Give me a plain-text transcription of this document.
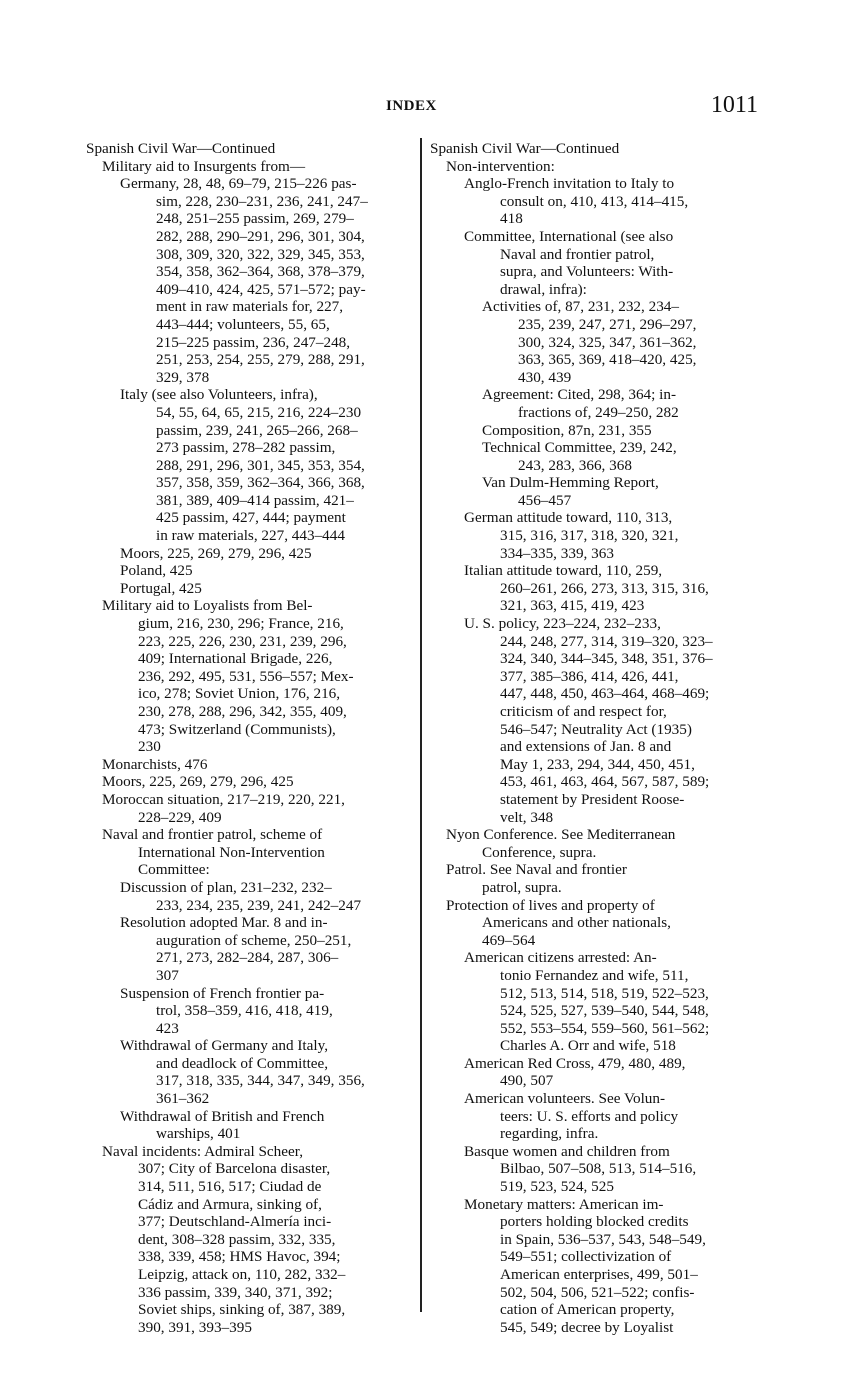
INDEX	1011
Spanish Civil War—Continued
Military aid to Insurgents from—
Germany, 28, 48, 69–79, 215–226 pas-
sim, 228, 230–231, 236, 241, 247–
248, 251–255 passim, 269, 279–
282, 288, 290–291, 296, 301, 304,
308, 309, 320, 322, 329, 345, 353,
354, 358, 362–364, 368, 378–379,
409–410, 424, 425, 571–572; pay-
ment in raw materials for, 227,
443–444; volunteers, 55, 65,
215–225 passim, 236, 247–248,
251, 253, 254, 255, 279, 288, 291,
329, 378
Italy (see also Volunteers, infra),
54, 55, 64, 65, 215, 216, 224–230
passim, 239, 241, 265–266, 268–
273 passim, 278–282 passim,
288, 291, 296, 301, 345, 353, 354,
357, 358, 359, 362–364, 366, 368,
381, 389, 409–414 passim, 421–
425 passim, 427, 444; payment
in raw materials, 227, 443–444
Moors, 225, 269, 279, 296, 425
Poland, 425
Portugal, 425
Military aid to Loyalists from Bel-
gium, 216, 230, 296; France, 216,
223, 225, 226, 230, 231, 239, 296,
409; International Brigade, 226,
236, 292, 495, 531, 556–557; Mex-
ico, 278; Soviet Union, 176, 216,
230, 278, 288, 296, 342, 355, 409,
473; Switzerland (Communists),
230
Monarchists, 476
Moors, 225, 269, 279, 296, 425
Moroccan situation, 217–219, 220, 221,
228–229, 409
Naval and frontier patrol, scheme of
International Non-Intervention
Committee:
Discussion of plan, 231–232, 232–
233, 234, 235, 239, 241, 242–247
Resolution adopted Mar. 8 and in-
auguration of scheme, 250–251,
271, 273, 282–284, 287, 306–
307
Suspension of French frontier pa-
trol, 358–359, 416, 418, 419,
423
Withdrawal of Germany and Italy,
and deadlock of Committee,
317, 318, 335, 344, 347, 349, 356,
361–362
Withdrawal of British and French
warships, 401
Naval incidents: Admiral Scheer,
307; City of Barcelona disaster,
314, 511, 516, 517; Ciudad de
Cádiz and Armura, sinking of,
377; Deutschland-Almería inci-
dent, 308–328 passim, 332, 335,
338, 339, 458; HMS Havoc, 394;
Leipzig, attack on, 110, 282, 332–
336 passim, 339, 340, 371, 392;
Soviet ships, sinking of, 387, 389,
390, 391, 393–395
Spanish Civil War—Continued
Non-intervention:
Anglo-French invitation to Italy to
consult on, 410, 413, 414–415,
418
Committee, International (see also
Naval and frontier patrol,
supra, and Volunteers: With-
drawal, infra):
Activities of, 87, 231, 232, 234–
235, 239, 247, 271, 296–297,
300, 324, 325, 347, 361–362,
363, 365, 369, 418–420, 425,
430, 439
Agreement: Cited, 298, 364; in-
fractions of, 249–250, 282
Composition, 87n, 231, 355
Technical Committee, 239, 242,
243, 283, 366, 368
Van Dulm-Hemming Report,
456–457
German attitude toward, 110, 313,
315, 316, 317, 318, 320, 321,
334–335, 339, 363
Italian attitude toward, 110, 259,
260–261, 266, 273, 313, 315, 316,
321, 363, 415, 419, 423
U. S. policy, 223–224, 232–233,
244, 248, 277, 314, 319–320, 323–
324, 340, 344–345, 348, 351, 376–
377, 385–386, 414, 426, 441,
447, 448, 450, 463–464, 468–469;
criticism of and respect for,
546–547; Neutrality Act (1935)
and extensions of Jan. 8 and
May 1, 233, 294, 344, 450, 451,
453, 461, 463, 464, 567, 587, 589;
statement by President Roose-
velt, 348
Nyon Conference. See Mediterranean
Conference, supra.
Patrol. See Naval and frontier
patrol, supra.
Protection of lives and property of
Americans and other nationals,
469–564
American citizens arrested: An-
tonio Fernandez and wife, 511,
512, 513, 514, 518, 519, 522–523,
524, 525, 527, 539–540, 544, 548,
552, 553–554, 559–560, 561–562;
Charles A. Orr and wife, 518
American Red Cross, 479, 480, 489,
490, 507
American volunteers. See Volun-
teers: U. S. efforts and policy
regarding, infra.
Basque women and children from
Bilbao, 507–508, 513, 514–516,
519, 523, 524, 525
Monetary matters: American im-
porters holding blocked credits
in Spain, 536–537, 543, 548–549,
549–551; collectivization of
American enterprises, 499, 501–
502, 504, 506, 521–522; confis-
cation of American property,
545, 549; decree by Loyalist
